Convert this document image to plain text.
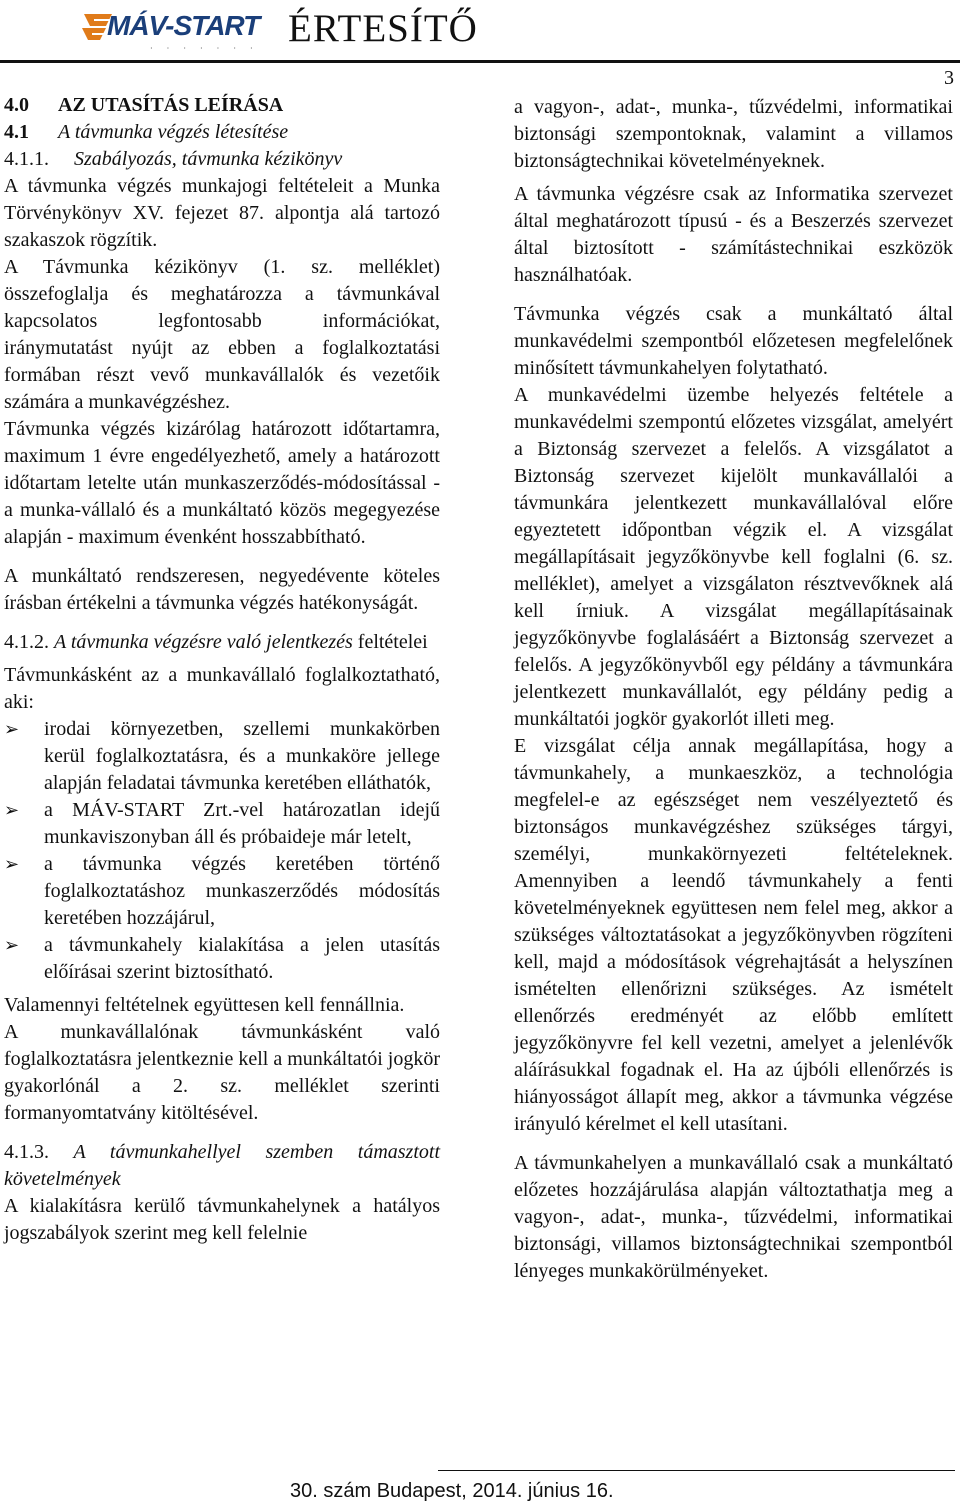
MÁV-START
· · · · · · · ÉRTESÍTŐ
3

4.0 AZ UTASÍTÁS LEÍRÁSA

4.1 A távmunka végzés létesítése

4.1.1. Szabályozás, távmunka kézikönyv

A távmunka végzés munkajogi feltételeit a Munka Törvénykönyv XV. fejezet 87. alpontja alá tartozó szakaszok rögzítik.

A Távmunka kézikönyv (1. sz. melléklet) összefoglalja és meghatározza a távmunkával kapcsolatos legfontosabb információkat, iránymutatást nyújt az ebben a foglalkoztatási formában részt vevő munkavállalók és vezetőik számára a munkavégzéshez.

Távmunka végzés kizárólag határozott időtartamra, maximum 1 évre engedélyezhető, amely a határozott időtartam letelte után munkaszerződés-módosítással - a munka-vállaló és a munkáltató közös megegyezése alapján - maximum évenként hosszabbítható.

A munkáltató rendszeresen, negyedévente köteles írásban értékelni a távmunka végzés hatékonyságát.

4.1.2. A távmunka végzésre való jelentkezés feltételei

Távmunkásként az a munkavállaló foglalkoztatható, aki:

➢ irodai környezetben, szellemi munkakörben kerül foglalkoztatásra, és a munkaköre jellege alapján feladatai távmunka keretében elláthatók,
➢ a MÁV-START Zrt.-vel határozatlan idejű munkaviszonyban áll és próbaideje már letelt,
➢ a távmunka végzés keretében történő foglalkoztatáshoz munkaszerződés módosítás keretében hozzájárul,
➢ a távmunkahely kialakítása a jelen utasítás előírásai szerint biztosítható.

Valamennyi feltételnek együttesen kell fennállnia.

A munkavállalónak távmunkásként való foglalkoztatásra jelentkeznie kell a munkáltatói jogkör gyakorlónál a 2. sz. melléklet szerinti formanyomtatvány kitöltésével.

4.1.3. A távmunkahellyel szemben támasztott követelmények

A kialakításra kerülő távmunkahelynek a hatályos jogszabályok szerint meg kell felelnie

a vagyon-, adat-, munka-, tűzvédelmi, informatikai biztonsági szempontoknak, valamint a villamos biztonságtechnikai követelményeknek.

A távmunka végzésre csak az Informatika szervezet által meghatározott típusú - és a Beszerzés szervezet által biztosított - számítástechnikai eszközök használhatóak.

Távmunka végzés csak a munkáltató által munkavédelmi szempontból előzetesen megfelelőnek minősített távmunkahelyen folytatható.

A munkavédelmi üzembe helyezés feltétele a munkavédelmi szempontú előzetes vizsgálat, amelyért a Biztonság szervezet a felelős. A vizsgálatot a Biztonság szervezet kijelölt munkavállalói a távmunkára jelentkezett munkavállalóval előre egyeztetett időpontban végzik el. A vizsgálat megállapításait jegyzőkönyvbe kell foglalni (6. sz. melléklet), amelyet a vizsgálaton résztvevőknek alá kell írniuk. A vizsgálat megállapításainak jegyzőkönyvbe foglalásáért a Biztonság szervezet a felelős. A jegyzőkönyvből egy példány a távmunkára jelentkezett munkavállalót, egy példány pedig a munkáltatói jogkör gyakorlót illeti meg.

E vizsgálat célja annak megállapítása, hogy a távmunkahely, a munkaeszköz, a technológia megfelel-e az egészséget nem veszélyeztető és biztonságos munkavégzéshez szükséges tárgyi, személyi, munkakörnyezeti feltételeknek. Amennyiben a leendő távmunkahely a fenti követelményeknek együttesen nem felel meg, akkor a szükséges változtatásokat a jegyzőkönyvben rögzíteni kell, majd a módosítások végrehajtását a helyszínen ismételten ellenőrizni szükséges. Az ismételt ellenőrzés eredményét az előbb említett jegyzőkönyvre fel kell vezetni, amelyet a jelenlévők aláírásukkal fogadnak el. Ha az újbóli ellenőrzés is hiányosságot állapít meg, akkor a távmunka végzése irányuló kérelmet el kell utasítani.

A távmunkahelyen a munkavállaló csak a munkáltató előzetes hozzájárulása alapján változtathatja meg a vagyon-, adat-, munka-, tűzvédelmi, informatikai biztonsági, villamos biztonságtechnikai szempontból lényeges munkakörülményeket.

30. szám Budapest, 2014. június 16.
